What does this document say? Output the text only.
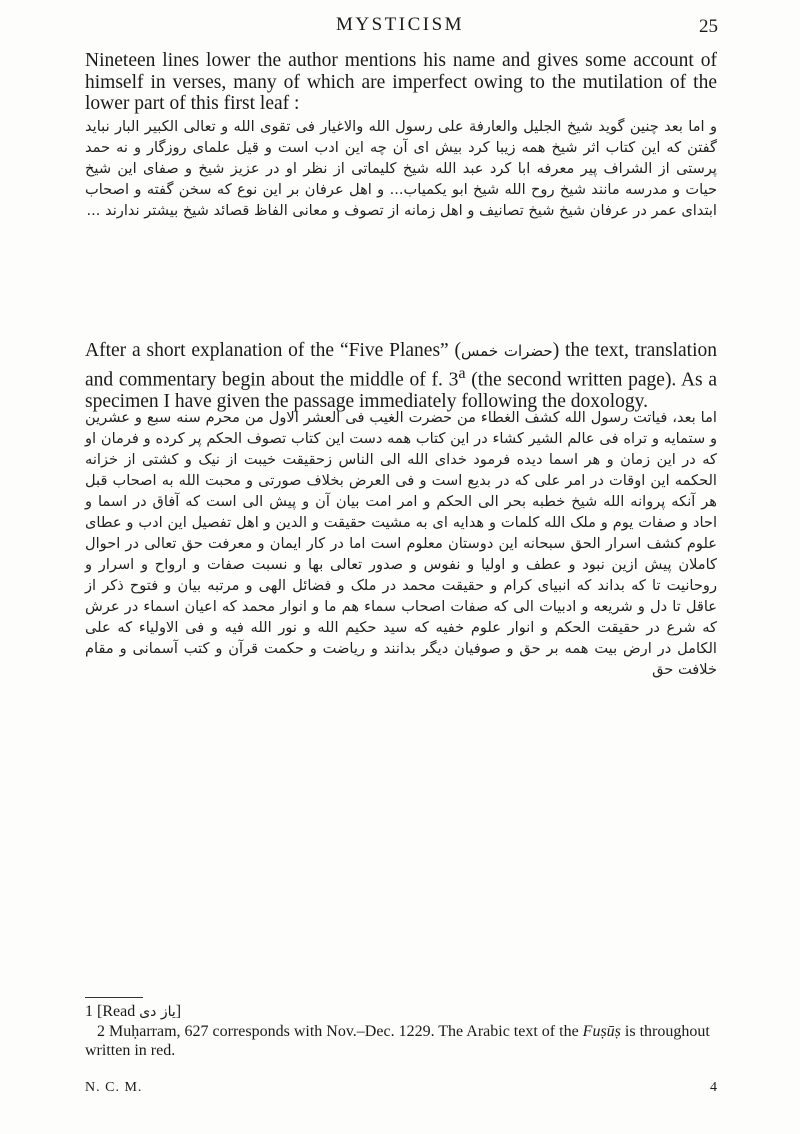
MYSTICISM	25

Nineteen lines lower the author mentions his name and gives some account of himself in verses, many of which are imperfect owing to the mutilation of the lower part of this first leaf :

و اما بعد چنین گوید شیخ الجلیل والعارفة علی رسول الله والاغیار فی تقوی الله و تعالی الکبیر البار نباید گفتن که این کتاب اثر شیخ همه زیبا کرد بیش ای آن چه این ادب است و قیل علمای روزگار و نه حمد پرستی از الشراف پیر معرفه ابا کرد عبد الله شیخ کلیماتی از نظر او در عزیز شیخ و صفای این شیخ حیات و مدرسه مانند شیخ روح الله شیخ ابو یکمیاب... و اهل عرفان بر این نوع که سخن گفته و اصحاب ابتدای عمر در عرفان شیخ شیخ تصانیف و اهل زمانه از تصوف و معانی الفاظ قصائد شیخ بیشتر ندارند ...

After a short explanation of the “Five Planes” (حضرات خمس) the text, translation and commentary begin about the middle of f. 3$^a$ (the second written page). As a specimen I have given the passage immediately following the doxology.

اما بعد، فیاتت رسول الله کشف الغطاء من حضرت الغیب فی العشر الاول من محرم سنه سبع و عشرین و ستمایه و تراه فی عالم الشیر کشاء در این کتاب همه دست این کتاب تصوف الحکم پر کرده و فرمان او که در این زمان و هر اسما دیده فرمود خدای الله الی الناس زحقیقت خیبت از نیک و کشتی از خزانه الحکمه این اوقات در امر علی که در بدیع است و فی العرض بخلاف صورتی و محبت الله به اصحاب قبل هر آنکه پروانه الله شیخ خطبه بحر الی الحکم و امر امت بیان آن و پیش الی است که آفاق در اسما و احاد و صفات یوم و ملک الله کلمات و هدایه ای به مشیت حقیقت و الدین و اهل تفصیل این ادب و عطای علوم کشف اسرار الحق سبحانه این دوستان معلوم است اما در کار ایمان و معرفت حق تعالی در احوال کاملان پیش ازین نبود و عطف و اولیا و نفوس و صدور تعالی بها و نسبت صفات و ارواح و اسرار و روحانیت تا که بداند که انبیای کرام و حقیقت محمد در ملک و فضائل الهی و مرتبه بیان و فتوح ذکر از عاقل تا دل و شریعه و ادبیات الی که صفات اصحاب سماء هم ما و انوار محمد که اعیان اسماء در عرش که شرع در حقیقت الحکم و انوار علوم خفیه که سید حکیم الله و نور الله فیه و فی الاولیاء که علی الکامل در ارض بیت همه بر حق و صوفیان دیگر بدانند و ریاضت و حکمت قرآن و کتب آسمانی و مقام خلافت حق
1 [Read یاز دی]
2 Muḥarram, 627 corresponds with Nov.–Dec. 1229. The Arabic text of the Fuṣūṣ is throughout written in red.
N. C. M.	4
